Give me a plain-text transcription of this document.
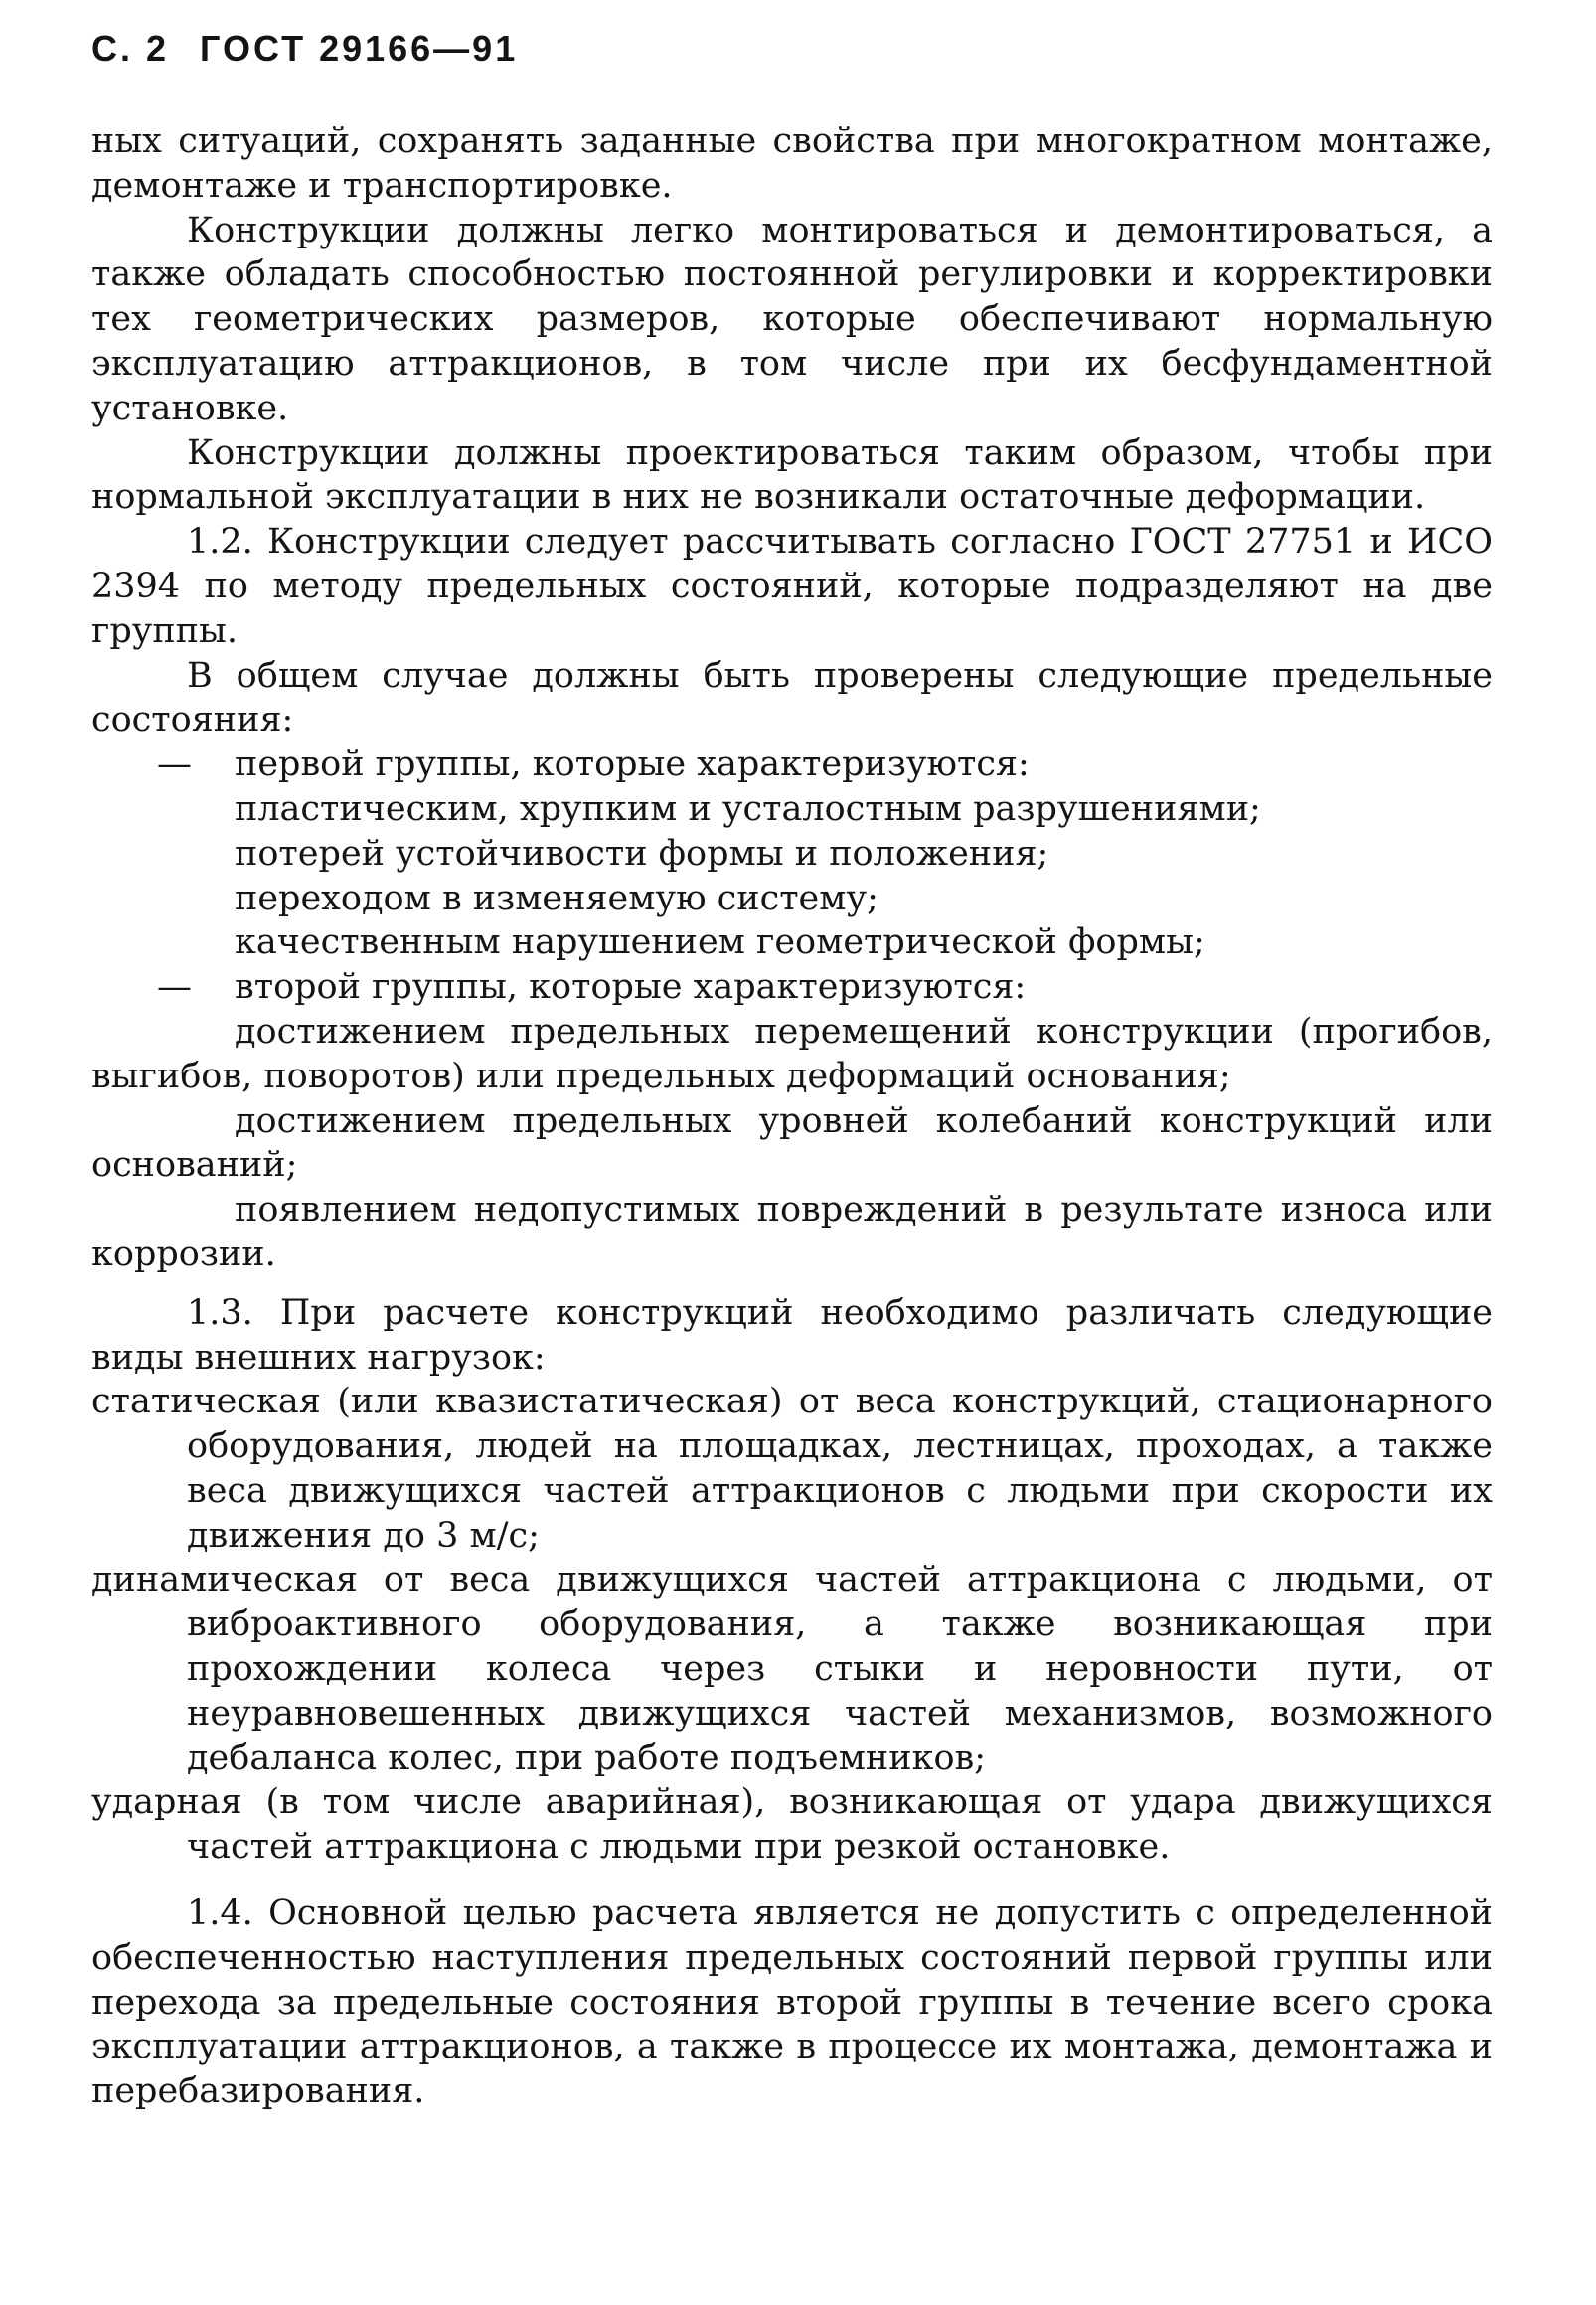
С. 2 ГОСТ 29166—91

ных ситуаций, сохранять заданные свойства при многократном монтаже, демонтаже и транспортировке.

Конструкции должны легко монтироваться и демонтироваться, а также обладать способностью постоянной регулировки и корректировки тех геометрических размеров, которые обеспечивают нормальную эксплуатацию аттракционов, в том числе при их бесфундаментной установке.

Конструкции должны проектироваться таким образом, чтобы при нормальной эксплуатации в них не возникали остаточные деформации.

1.2. Конструкции следует рассчитывать согласно ГОСТ 27751 и ИСО 2394 по методу предельных состояний, которые подразделяют на две группы.

В общем случае должны быть проверены следующие предельные состояния:

—	первой группы, которые характеризуются:

пластическим, хрупким и усталостным разрушениями;

потерей устойчивости формы и положения;

переходом в изменяемую систему;

качественным нарушением геометрической формы;

—	второй группы, которые характеризуются:

достижением предельных перемещений конструкции (прогибов, выгибов, поворотов) или предельных деформаций основания;

достижением предельных уровней колебаний конструкций или оснований;

появлением недопустимых повреждений в результате износа или коррозии.

1.3. При расчете конструкций необходимо различать следующие виды внешних нагрузок:

статическая (или квазистатическая) от веса конструкций, стационарного оборудования, людей на площадках, лестницах, проходах, а также веса движущихся частей аттракционов с людьми при скорости их движения до 3 м/с;

динамическая от веса движущихся частей аттракциона с людьми, от виброактивного оборудования, а также возникающая при прохождении колеса через стыки и неровности пути, от неуравновешенных движущихся частей механизмов, возможного дебаланса колес, при работе подъемников;

ударная (в том числе аварийная), возникающая от удара движущихся частей аттракциона с людьми при резкой остановке.

1.4. Основной целью расчета является не допустить с определенной обеспеченностью наступления предельных состояний первой группы или перехода за предельные состояния второй группы в течение всего срока эксплуатации аттракционов, а также в процессе их монтажа, демонтажа и перебазирования.
